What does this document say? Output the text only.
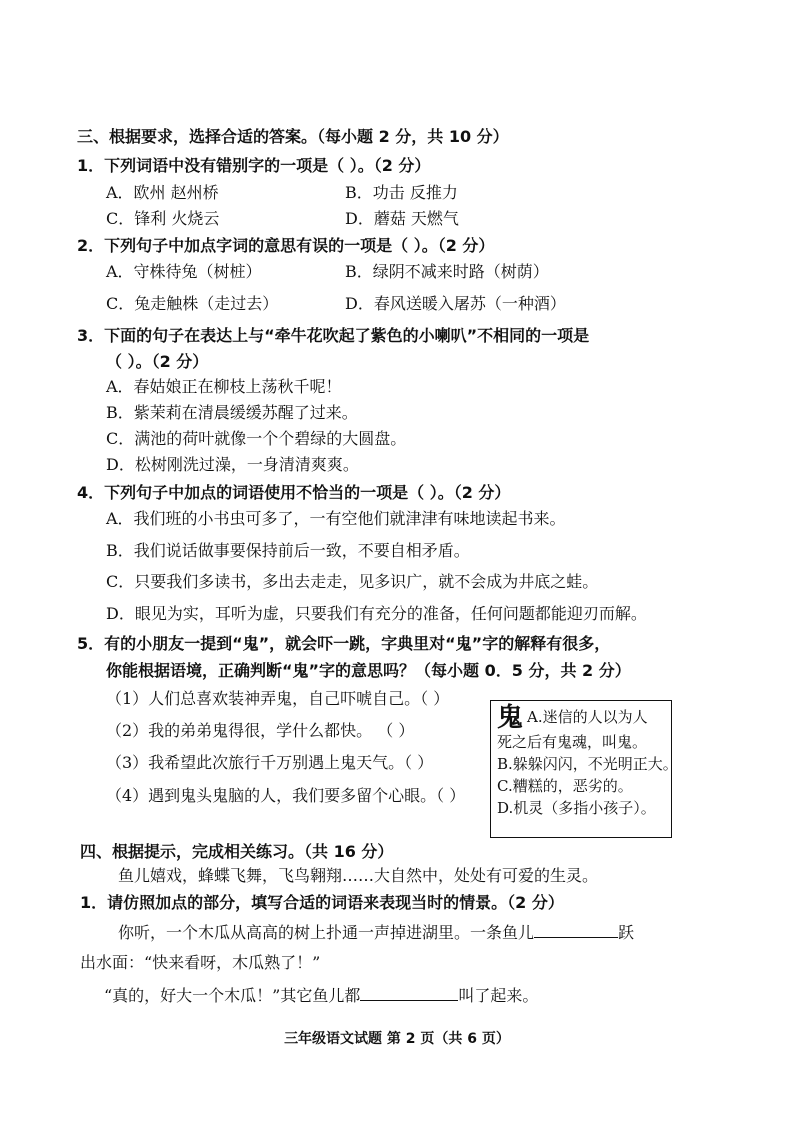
三、根据要求，选择合适的答案。（每小题 2 分，共 10 分）
1．下列词语中没有错别字的一项是（ ）。（2 分）
A．欧州 赵州桥	B．功击 反推力
C．锋利 火烧云	D．蘑菇 天燃气
2．下列句子中加点字词的意思有误的一项是（ ）。（2 分）
A．守株待兔（树桩）	B．绿阴不减来时路（树荫）
C．兔走触株（走过去）	D．春风送暖入屠苏（一种酒）
3．下面的句子在表达上与“牵牛花吹起了紫色的小喇叭”不相同的一项是
（ ）。（2 分）
A．春姑娘正在柳枝上荡秋千呢！
B．紫茉莉在清晨缓缓苏醒了过来。
C．满池的荷叶就像一个个碧绿的大圆盘。
D．松树刚洗过澡，一身清清爽爽。
4．下列句子中加点的词语使用不恰当的一项是（ ）。（2 分）
A．我们班的小书虫可多了，一有空他们就津津有味地读起书来。
B．我们说话做事要保持前后一致，不要自相矛盾。
C．只要我们多读书，多出去走走，见多识广，就不会成为井底之蛙。
D．眼见为实，耳听为虚，只要我们有充分的准备，任何问题都能迎刃而解。
5．有的小朋友一提到“鬼”，就会吓一跳，字典里对“鬼”字的解释有很多，
你能根据语境，正确判断“鬼”字的意思吗？（每小题 0．5 分，共 2 分）
（1）人们总喜欢装神弄鬼，自己吓唬自己。（ ）
（2）我的弟弟鬼得很，学什么都快。 （ ）
（3）我希望此次旅行千万别遇上鬼天气。（ ）
（4）遇到鬼头鬼脑的人，我们要多留个心眼。（ ）
鬼 A.迷信的人以为人
死之后有鬼魂，叫鬼。
B.躲躲闪闪，不光明正大。
C.糟糕的，恶劣的。
D.机灵（多指小孩子）。
四、根据提示，完成相关练习。（共 16 分）
鱼儿嬉戏，蜂蝶飞舞，飞鸟翱翔……大自然中，处处有可爱的生灵。
1．请仿照加点的部分，填写合适的词语来表现当时的情景。（2 分）
你听，一个木瓜从高高的树上扑通一声掉进湖里。一条鱼儿	跃
出水面：“快来看呀，木瓜熟了！”
“真的，好大一个木瓜！”其它鱼儿都	叫了起来。
三年级语文试题 第 2 页（共 6 页）
